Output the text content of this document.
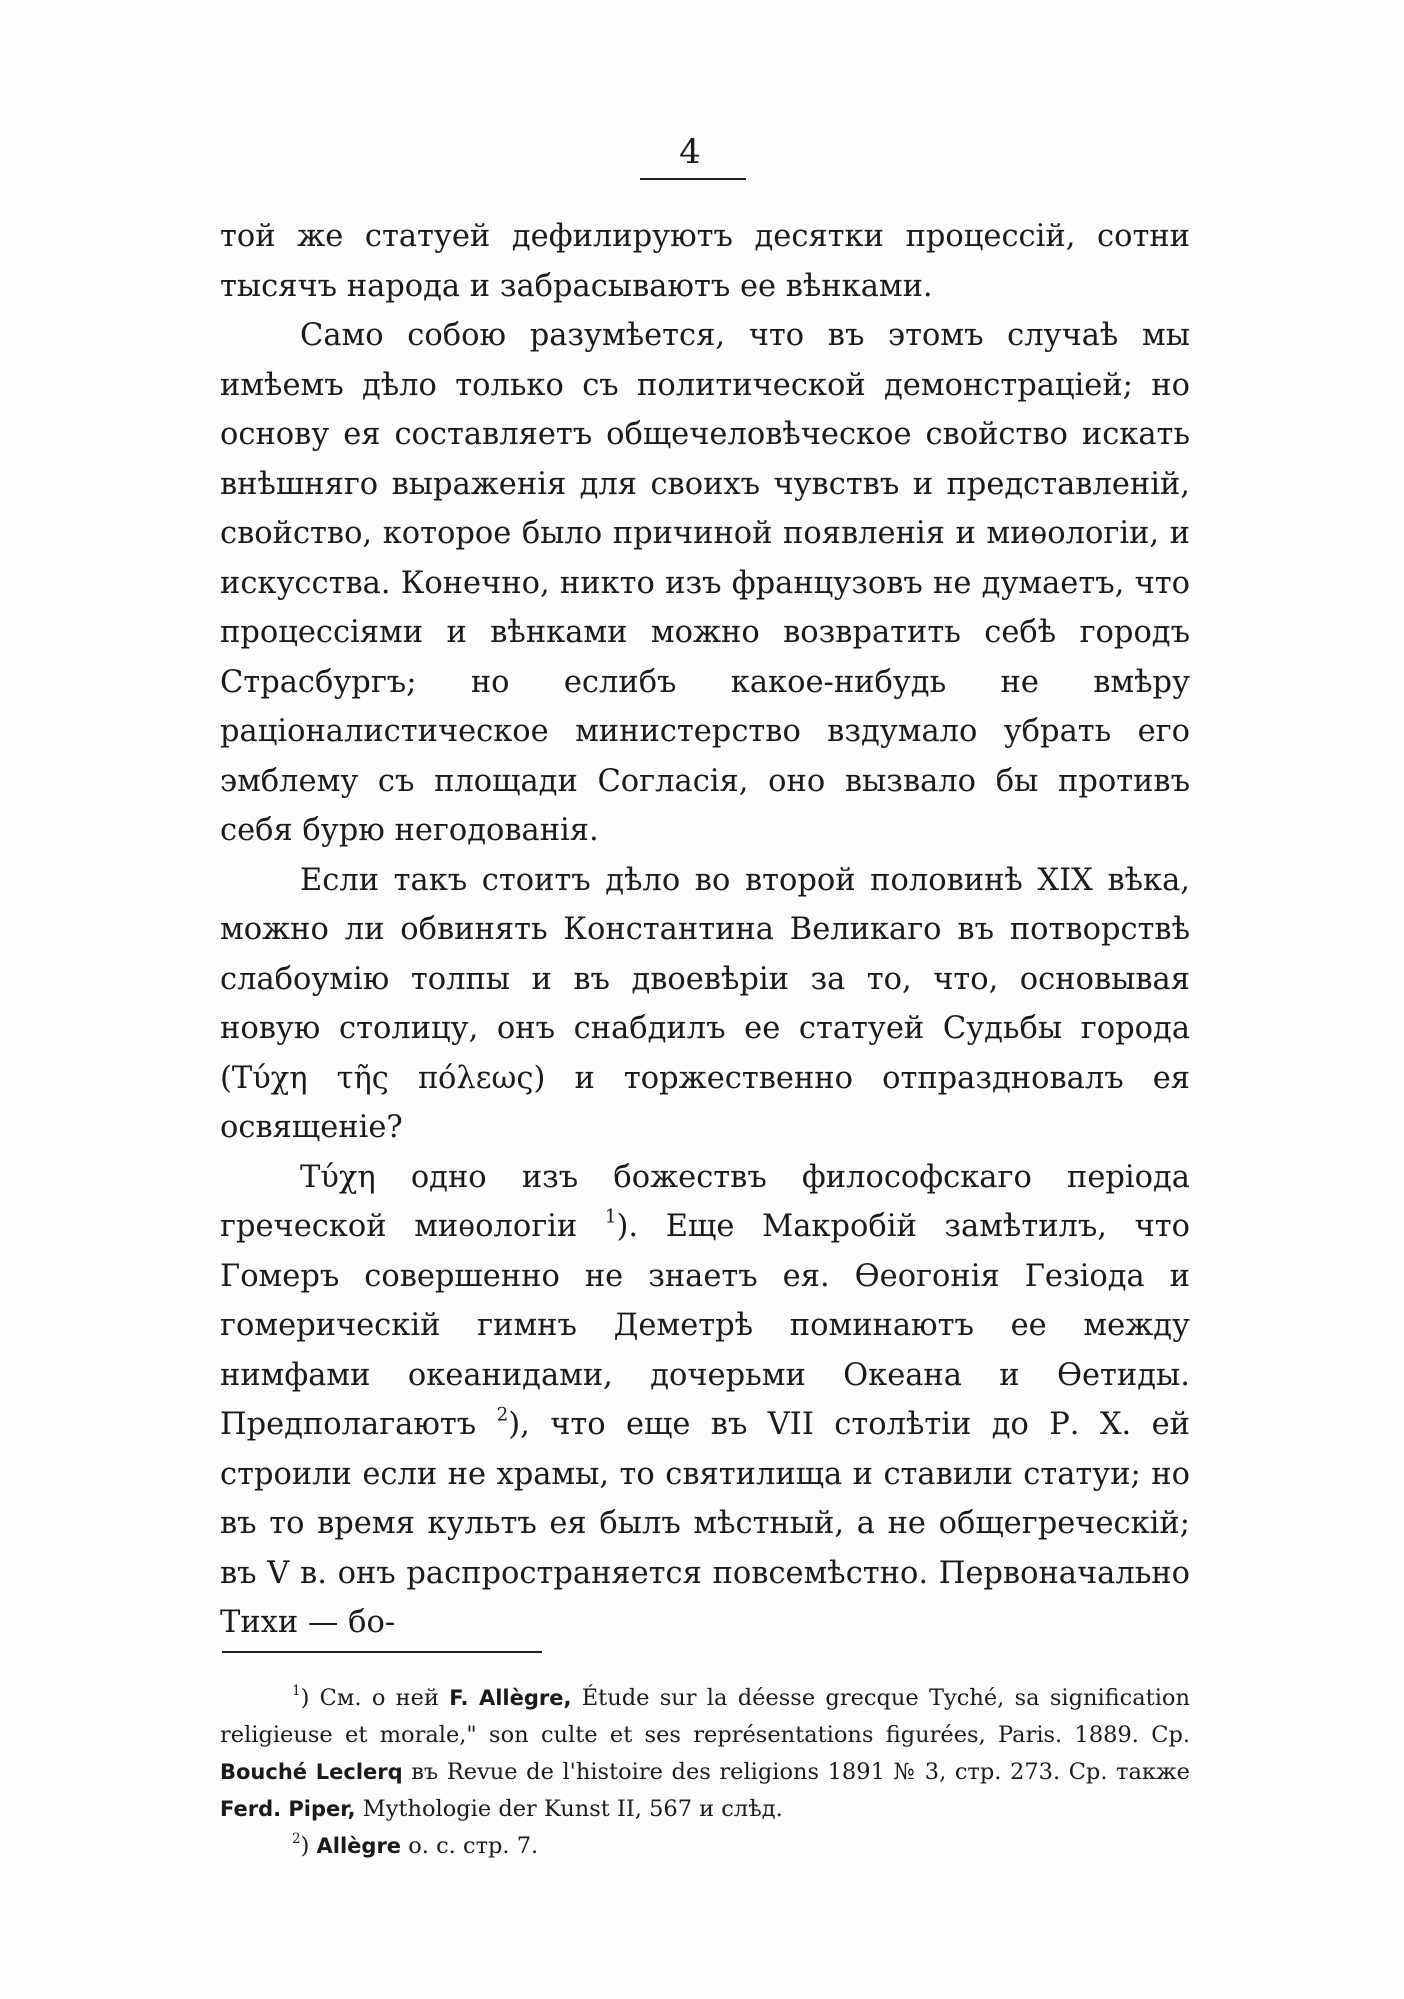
4

той же статуей дефилируютъ десятки процессій, сотни тысячъ народа и забрасываютъ ее вѣнками.

Само собою разумѣется, что въ этомъ случаѣ мы имѣемъ дѣло только съ политической демонстраціей; но основу ея составляетъ общечеловѣческое свойство искать внѣшняго выраженія для своихъ чувствъ и представленій, свойство, которое было причиной появленія и миѳологіи, и искусства. Конечно, никто изъ французовъ не думаетъ, что процессіями и вѣнками можно возвратить себѣ городъ Страсбургъ; но еслибъ какое-нибудь не вмѣру раціоналистическое министерство вздумало убрать его эмблему съ площади Согласія, оно вызвало бы противъ себя бурю негодованія.

Если такъ стоитъ дѣло во второй половинѣ XIX вѣка, можно ли обвинять Константина Великаго въ потворствѣ слабоумію толпы и въ двоевѣріи за то, что, основывая новую столицу, онъ снабдилъ ее статуей Судьбы города (Τύχη τῆς πόλεως) и торжественно отпраздновалъ ея освященіе?

Τύχη одно изъ божествъ философскаго періода греческой миѳологіи $^1$). Еще Макробій замѣтилъ, что Гомеръ совершенно не знаетъ ея. Ѳеогонія Гезіода и гомерическій гимнъ Деметрѣ поминаютъ ее между нимфами океанидами, дочерьми Океана и Ѳетиды. Предполагаютъ $^2$), что еще въ VII столѣтіи до Р. X. ей строили если не храмы, то святилища и ставили статуи; но въ то время культъ ея былъ мѣстный, а не общегреческій; въ V в. онъ распространяется повсемѣстно. Первоначально Тихи — бо-

$^1$) См. о ней F. Allègre, Étude sur la déesse grecque Tyché, sa signification religieuse et morale," son culte et ses représentations figurées, Paris. 1889. Ср. Bouché Leclerq въ Revue de l'histoire des religions 1891 № 3, стр. 273. Ср. также Ferd. Piper, Mythologie der Kunst II, 567 и слѣд.

$^2$) Allègre о. с. стр. 7.
